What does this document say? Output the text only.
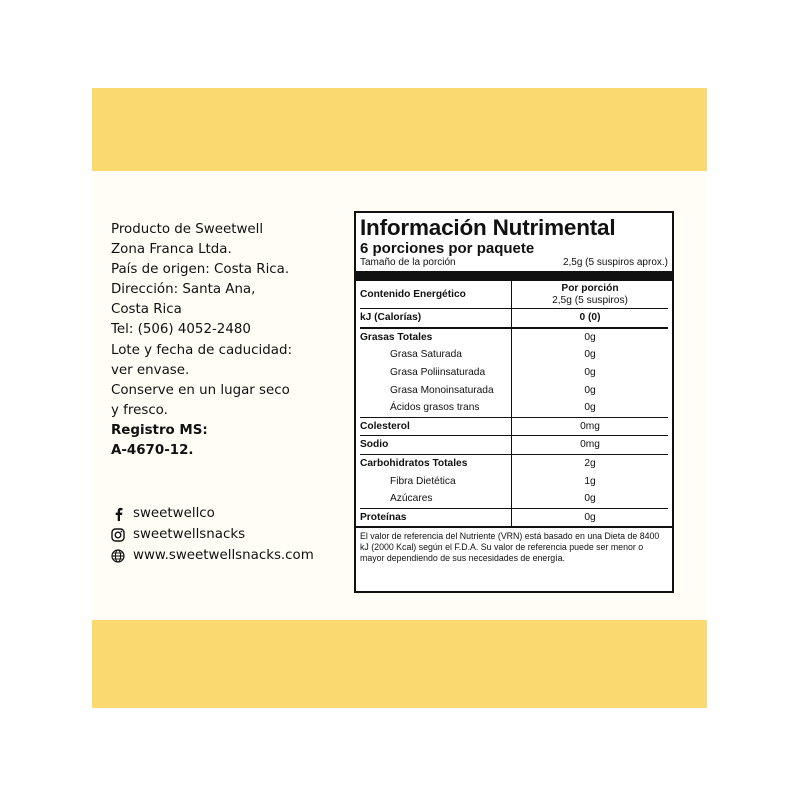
Producto de Sweetwell
Zona Franca Ltda.
País de origen: Costa Rica.
Dirección: Santa Ana,
Costa Rica
Tel: (506) 4052-2480
Lote y fecha de caducidad:
ver envase.
Conserve en un lugar seco
y fresco.
Registro MS:
A-4670-12.
sweetwellco
sweetwellsnacks
www.sweetwellsnacks.com
Información Nutrimental
6 porciones por paquete
Tamaño de la porción	2,5g (5 suspiros aprox.)
Contenido Energético	Por porción
2,5g (5 suspiros)

kJ (Calorías)	0 (0)
Grasas Totales	0g
Grasa Saturada	0g
Grasa Poliinsaturada	0g
Grasa Monoinsaturada	0g
Ácidos grasos trans	0g
Colesterol	0mg
Sodio	0mg
Carbohidratos Totales	2g
Fibra Dietética	1g
Azúcares	0g
Proteínas	0g
El valor de referencia del Nutriente (VRN) está basado en una Dieta de 8400 kJ (2000 Kcal) según el F.D.A. Su valor de referencia puede ser menor o mayor dependiendo de sus necesidades de energía.
